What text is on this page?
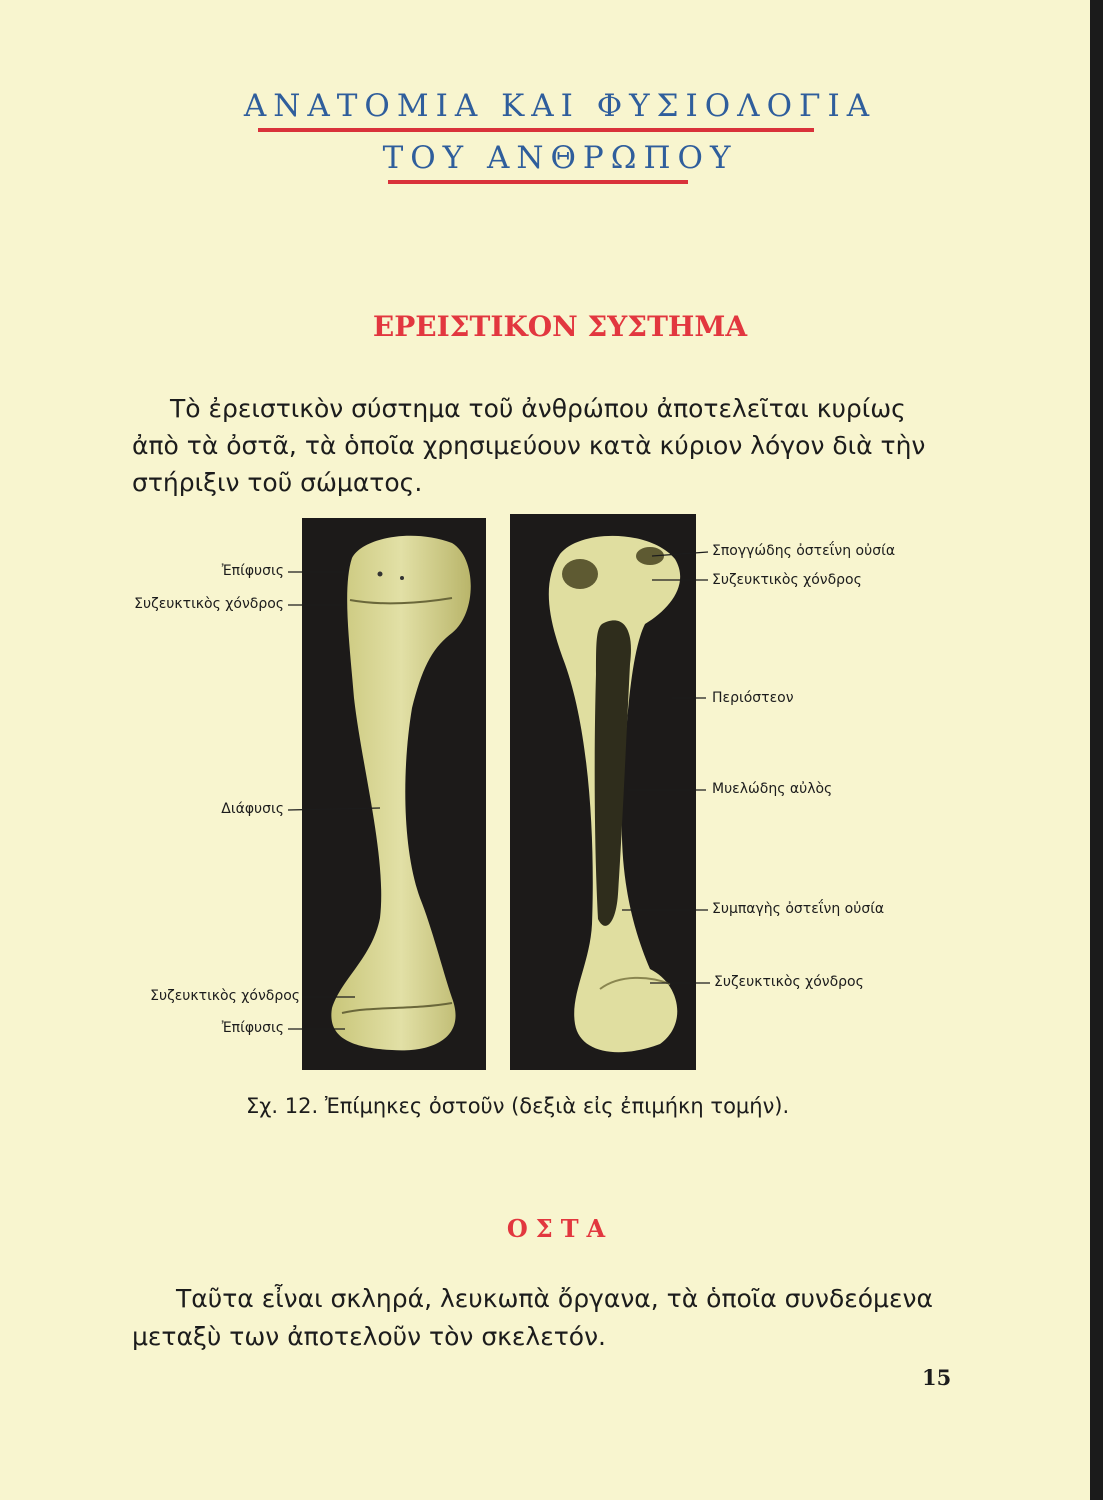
ΑΝΑΤΟΜΙΑ ΚΑΙ ΦΥΣΙΟΛΟΓΙΑ
ΤΟΥ ΑΝΘΡΩΠΟΥ
ΕΡΕΙΣΤΙΚΟΝ ΣΥΣΤΗΜΑ
Τὸ ἐρειστικὸν σύστημα τοῦ ἀνθρώπου ἀποτελεῖται κυρίως
ἀπὸ τὰ ὀστᾶ, τὰ ὁποῖα χρησιμεύουν κατὰ κύριον λόγον διὰ τὴν
στήριξιν τοῦ σώματος.
Ἐπίφυσις
Συζευκτικὸς χόνδρος
Διάφυσις
Συζευκτικὸς χόνδρος
Ἐπίφυσις
Σπογγώδης ὀστεΐνη οὐσία
Συζευκτικὸς χόνδρος
Περιόστεον
Μυελώδης αὐλὸς
Συμπαγὴς ὀστεΐνη οὐσία
Συζευκτικὸς χόνδρος
Σχ. 12. Ἐπίμηκες ὀστοῦν (δεξιὰ εἰς ἐπιμήκη τομήν).
ΟΣΤΑ
Ταῦτα εἶναι σκληρά, λευκωπὰ ὄργανα, τὰ ὁποῖα συνδεόμενα
μεταξὺ των ἀποτελοῦν τὸν σκελετόν.
15
